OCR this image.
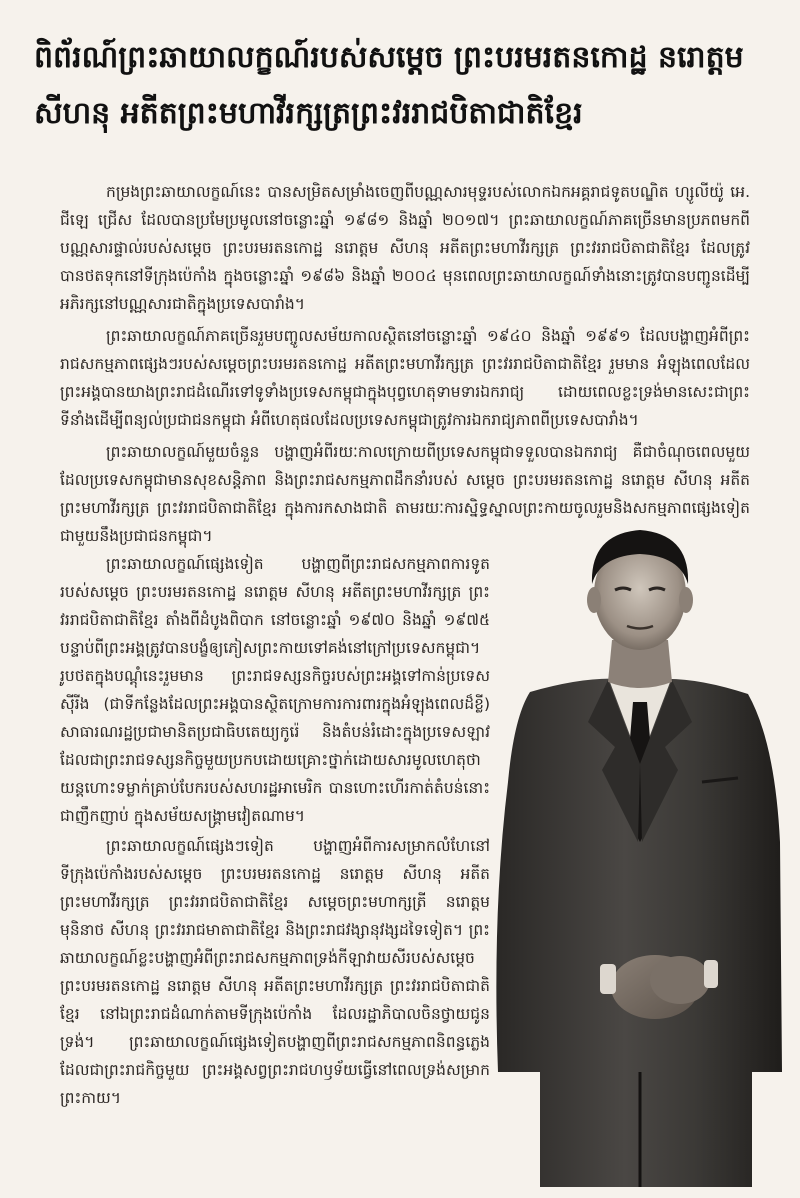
ពិព័រណ៍ព្រះឆាយាលក្ខណ៍របស់សម្តេច ព្រះបរមរតនកោដ្ឋ នរោត្តម សីហនុ អតីតព្រះមហាវីរក្សត្រព្រះវររាជបិតាជាតិខ្មែរ

កម្រងព្រះឆាយាលក្ខណ៍នេះ បានសម្រិតសម្រាំងចេញពីបណ្ណសារមុទ្ទរបស់លោកឯកអគ្គរាជទូតបណ្ឌិត ហ្សូលីយ៉ូ អេ. ជីឡេ ជ្រើស ដែលបានប្រមែប្រមូលនៅចន្លោះឆ្នាំ ១៩៨១ និងឆ្នាំ ២០១៧។ ព្រះឆាយាលក្ខណ៍ភាគច្រើនមានប្រភពមកពីបណ្ណសារផ្ទាល់របស់សម្តេច ព្រះបរមរតនកោដ្ឋ នរោត្តម សីហនុ អតីតព្រះមហាវីរក្សត្រ ព្រះវររាជបិតាជាតិខ្មែរ ដែលត្រូវបានថតទុកនៅទីក្រុងប៉េកាំង ក្នុងចន្លោះឆ្នាំ ១៩៨៦ និងឆ្នាំ ២០០៤ មុនពេលព្រះឆាយាលក្ខណ៍ទាំងនោះត្រូវបានបញ្ជូនដើម្បីអភិរក្សនៅបណ្ណសារជាតិក្នុងប្រទេសបារាំង។

ព្រះឆាយាលក្ខណ៍ភាគច្រើនរួមបញ្ចូលសម័យកាលស្ថិតនៅចន្លោះឆ្នាំ ១៩៤០ និងឆ្នាំ ១៩៩១ ដែលបង្ហាញអំពីព្រះរាជសកម្មភាពផ្សេងៗរបស់សម្តេចព្រះបរមរតនកោដ្ឋ អតីតព្រះមហាវីរក្សត្រ ព្រះវររាជបិតាជាតិខ្មែរ រួមមាន អំឡុងពេលដែលព្រះអង្គបានយាងព្រះរាជដំណើរទៅទូទាំងប្រទេសកម្ពុជាក្នុងបុព្វហេតុទាមទារឯករាជ្យ ដោយពេលខ្លះទ្រង់មានសេះជាព្រះទីនាំងដើម្បីពន្យល់ប្រជាជនកម្ពុជា អំពីហេតុផលដែលប្រទេសកម្ពុជាត្រូវការឯករាជ្យភាពពីប្រទេសបារាំង។

ព្រះឆាយាលក្ខណ៍មួយចំនួន បង្ហាញអំពីរយៈកាលក្រោយពីប្រទេសកម្ពុជាទទួលបានឯករាជ្យ គឺជាចំណុចពេលមួយដែលប្រទេសកម្ពុជាមានសុខសន្តិភាព និងព្រះរាជសកម្មភាពដឹកនាំរបស់ សម្តេច ព្រះបរមរតនកោដ្ឋ នរោត្តម សីហនុ អតីតព្រះមហាវីរក្សត្រ ព្រះវររាជបិតាជាតិខ្មែរ ក្នុងការកសាងជាតិ តាមរយៈការស្និទ្ធស្នាលព្រះកាយចូលរួមនិងសកម្មភាពផ្សេងទៀតជាមួយនឹងប្រជាជនកម្ពុជា។

ព្រះឆាយាលក្ខណ៍ផ្សេងទៀត បង្ហាញពីព្រះរាជសកម្មភាពការទូត របស់សម្តេច ព្រះបរមរតនកោដ្ឋ នរោត្តម សីហនុ អតីតព្រះមហាវីរក្សត្រ ព្រះវររាជបិតាជាតិខ្មែរ តាំងពីដំបូងពិបាក នៅចន្លោះឆ្នាំ ១៩៧០ និងឆ្នាំ ១៩៧៥ បន្ទាប់ពីព្រះអង្គត្រូវបានបង្ខំឲ្យភៀសព្រះកាយទៅគង់នៅក្រៅប្រទេសកម្ពុជា។ រូបថតក្នុងបណ្តុំនេះរួមមាន ព្រះរាជទស្សនកិច្ចរបស់ព្រះអង្គទៅកាន់ប្រទេសស៊ីរីង (ជាទីកន្លែងដែលព្រះអង្គបានស្ថិតក្រោមការការពារក្នុងអំឡុងពេលដ៏ខ្លី) សាធារណរដ្ឋប្រជាមានិតប្រជាធិបតេយ្យកូរ៉េ និងតំបន់រំដោះក្នុងប្រទេសឡាវ ដែលជាព្រះរាជទស្សនកិច្ចមួយប្រកបដោយគ្រោះថ្នាក់ដោយសារមូលហេតុថា យន្តហោះទម្លាក់គ្រាប់បែករបស់សហរដ្ឋអាមេរិក បានហោះហើរកាត់តំបន់នោះជាញឹកញាប់ ក្នុងសម័យសង្គ្រាមវៀតណាម។

ព្រះឆាយាលក្ខណ៍ផ្សេងៗទៀត បង្ហាញអំពីការសម្រាកលំហែនៅទីក្រុងប៉េកាំងរបស់សម្តេច ព្រះបរមរតនកោដ្ឋ នរោត្តម សីហនុ អតីតព្រះមហាវីរក្សត្រ ព្រះវររាជបិតាជាតិខ្មែរ សម្តេចព្រះមហាក្សត្រី នរោត្តម មុនិនាថ សីហនុ ព្រះវររាជមាតាជាតិខ្មែរ និងព្រះរាជវង្សានុវង្សដទៃទៀត។ ព្រះឆាយាលក្ខណ៍ខ្លះបង្ហាញអំពីព្រះរាជសកម្មភាពទ្រង់កីឡាវាយសីរបស់សម្តេច ព្រះបរមរតនកោដ្ឋ នរោត្តម សីហនុ អតីតព្រះមហាវីរក្សត្រ ព្រះវររាជបិតាជាតិខ្មែរ នៅឯព្រះរាជដំណាក់តាមទីក្រុងប៉េកាំង ដែលរដ្ឋាភិបាលចិនថ្វាយជូនទ្រង់។ ព្រះឆាយាលក្ខណ៍ផ្សេងទៀតបង្ហាញពីព្រះរាជសកម្មភាពនិពន្ធភ្លេង ដែលជាព្រះរាជកិច្ចមួយ ព្រះអង្គសព្វព្រះរាជហឫទ័យធ្វើនៅពេលទ្រង់សម្រាកព្រះកាយ។
